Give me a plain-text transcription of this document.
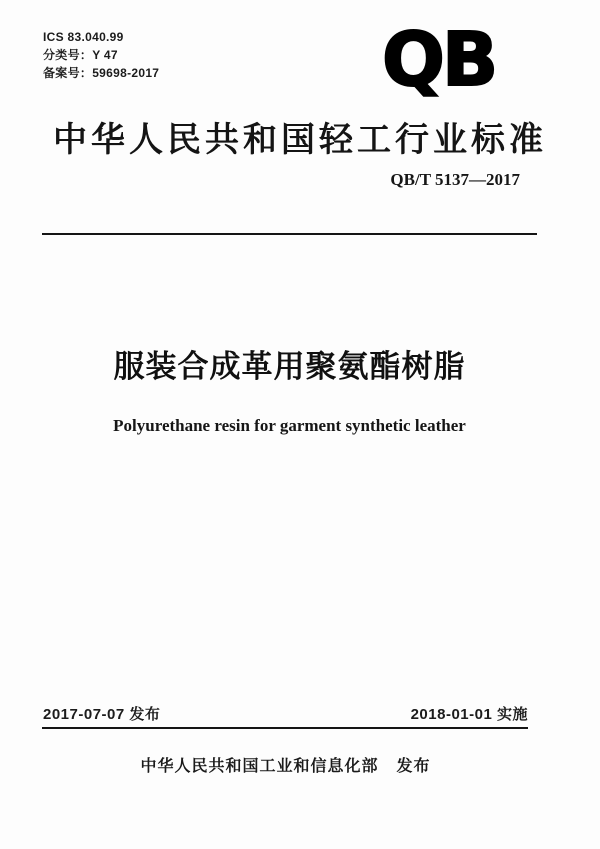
ICS 83.040.99
分类号：Y 47
备案号：59698-2017	QB
中华人民共和国轻工行业标准
QB/T 5137—2017
服装合成革用聚氨酯树脂
Polyurethane resin for garment synthetic leather
2017-07-07 发布	2018-01-01 实施
中华人民共和国工业和信息化部 发布
